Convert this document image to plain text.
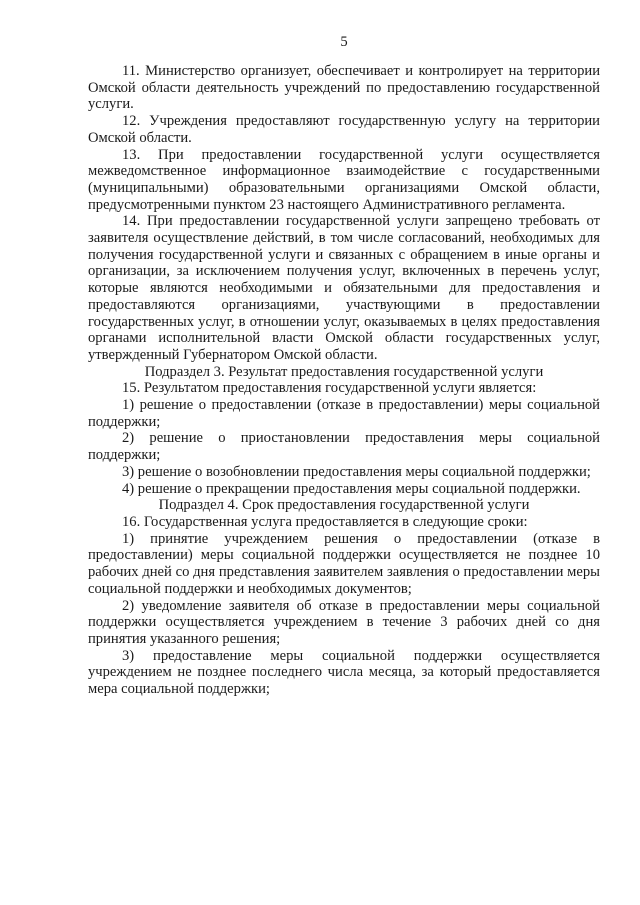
5

11. Министерство организует, обеспечивает и контролирует на территории Омской области деятельность учреждений по предоставлению государственной услуги.

12. Учреждения предоставляют государственную услугу на территории Омской области.

13. При предоставлении государственной услуги осуществляется межведомственное информационное взаимодействие с государственными (муниципальными) образовательными организациями Омской области, предусмотренными пунктом 23 настоящего Административного регламента.

14. При предоставлении государственной услуги запрещено требовать от заявителя осуществление действий, в том числе согласований, необходимых для получения государственной услуги и связанных с обращением в иные органы и организации, за исключением получения услуг, включенных в перечень услуг, которые являются необходимыми и обязательными для предоставления и предоставляются организациями, участвующими в предоставлении государственных услуг, в отношении услуг, оказываемых в целях предоставления органами исполнительной власти Омской области государственных услуг, утвержденный Губернатором Омской области.

Подраздел 3. Результат предоставления государственной услуги

15. Результатом предоставления государственной услуги является:

1) решение о предоставлении (отказе в предоставлении) меры социальной поддержки;

2) решение о приостановлении предоставления меры социальной поддержки;

3) решение о возобновлении предоставления меры социальной поддержки;

4) решение о прекращении предоставления меры социальной поддержки.

Подраздел 4. Срок предоставления государственной услуги

16. Государственная услуга предоставляется в следующие сроки:

1) принятие учреждением решения о предоставлении (отказе в предоставлении) меры социальной поддержки осуществляется не позднее 10 рабочих дней со дня представления заявителем заявления о предоставлении меры социальной поддержки и необходимых документов;

2) уведомление заявителя об отказе в предоставлении меры социальной поддержки осуществляется учреждением в течение 3 рабочих дней со дня принятия указанного решения;

3) предоставление меры социальной поддержки осуществляется учреждением не позднее последнего числа месяца, за который предоставляется мера социальной поддержки;
